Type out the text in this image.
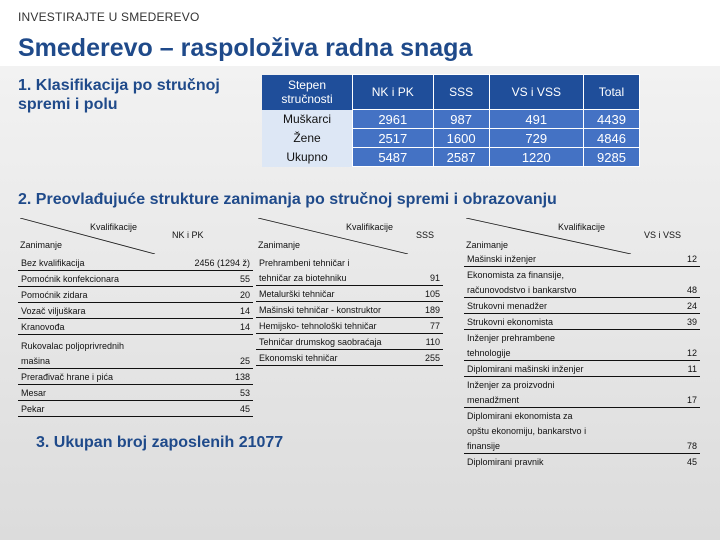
INVESTIRAJTE U SMEDEREVO
Smederevo – raspoloživa radna snaga
1. Klasifikacija po stručnoj spremi i polu
Stepen stručnosti	NK i PK	SSS	VS i VSS	Total
Muškarci	2961	987	491	4439
Žene	2517	1600	729	4846
Ukupno	5487	2587	1220	9285
2. Preovlađujuće strukture zanimanja po stručnoj spremi i obrazovanju
Kvalifikacije
Zanimanje
NK i PK
Bez kvalifikacija	2456 (1294 ž)
Pomoćnik konfekcionara	55
Pomoćnik zidara	20
Vozač viljuškara	14
Kranovođa	14
Rukovalac poljoprivrednih	
mašina	25
Prerađivač hrane i pića	138
Mesar	53
Pekar	45
Kvalifikacije
Zanimanje
SSS
Prehrambeni tehničar i	
tehničar za biotehniku	91
Metalurški tehničar	105
Mašinski tehničar - konstruktor	189
Hemijsko- tehnološki tehničar	77
Tehničar drumskog saobraćaja	110
Ekonomski tehničar	255
Kvalifikacije
Zanimanje
VS i VSS
Mašinski inženjer	12
Ekonomista za finansije,	
računovodstvo i bankarstvo	48
Strukovni menadžer	24
Strukovni ekonomista	39
Inženjer prehrambene	
tehnologije	12
Diplomirani mašinski inženjer	11
Inženjer za proizvodni	
menadžment	17
Diplomirani ekonomista za	
opštu ekonomiju, bankarstvo i	
finansije	78
Diplomirani pravnik	45
3. Ukupan broj zaposlenih 21077
